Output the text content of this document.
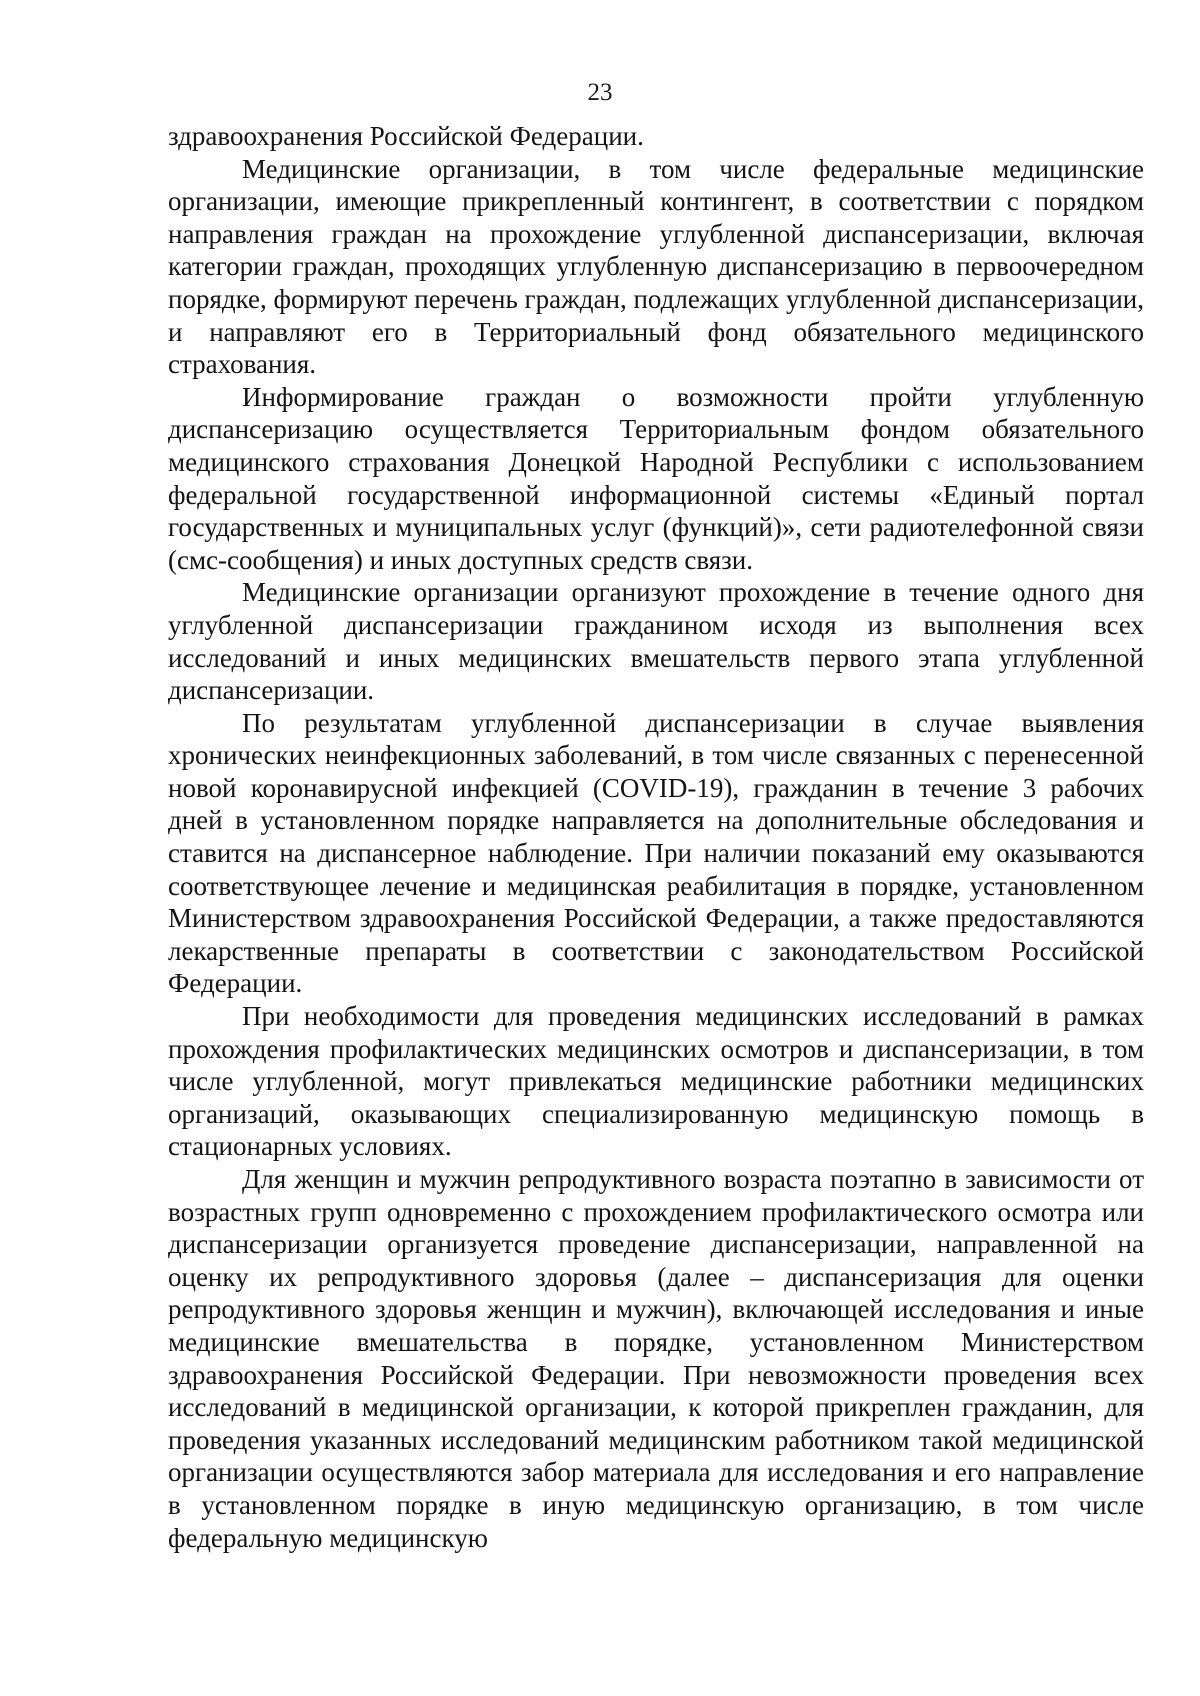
23

здравоохранения Российской Федерации.

Медицинские организации, в том числе федеральные медицинские организации, имеющие прикрепленный контингент, в соответствии с порядком направления граждан на прохождение углубленной диспансеризации, включая категории граждан, проходящих углубленную диспансеризацию в первоочередном порядке, формируют перечень граждан, подлежащих углубленной диспансеризации, и направляют его в Территориальный фонд обязательного медицинского страхования.

Информирование граждан о возможности пройти углубленную диспансеризацию осуществляется Территориальным фондом обязательного медицинского страхования Донецкой Народной Республики с использованием федеральной государственной информационной системы «Единый портал государственных и муниципальных услуг (функций)», сети радиотелефонной связи (смс-сообщения) и иных доступных средств связи.

Медицинские организации организуют прохождение в течение одного дня углубленной диспансеризации гражданином исходя из выполнения всех исследований и иных медицинских вмешательств первого этапа углубленной диспансеризации.

По результатам углубленной диспансеризации в случае выявления хронических неинфекционных заболеваний, в том числе связанных с перенесенной новой коронавирусной инфекцией (COVID-19), гражданин в течение 3 рабочих дней в установленном порядке направляется на дополнительные обследования и ставится на диспансерное наблюдение. При наличии показаний ему оказываются соответствующее лечение и медицинская реабилитация в порядке, установленном Министерством здравоохранения Российской Федерации, а также предоставляются лекарственные препараты в соответствии с законодательством Российской Федерации.

При необходимости для проведения медицинских исследований в рамках прохождения профилактических медицинских осмотров и диспансеризации, в том числе углубленной, могут привлекаться медицинские работники медицинских организаций, оказывающих специализированную медицинскую помощь в стационарных условиях.

Для женщин и мужчин репродуктивного возраста поэтапно в зависимости от возрастных групп одновременно с прохождением профилактического осмотра или диспансеризации организуется проведение диспансеризации, направленной на оценку их репродуктивного здоровья (далее – диспансеризация для оценки репродуктивного здоровья женщин и мужчин), включающей исследования и иные медицинские вмешательства в порядке, установленном Министерством здравоохранения Российской Федерации. При невозможности проведения всех исследований в медицинской организации, к которой прикреплен гражданин, для проведения указанных исследований медицинским работником такой медицинской организации осуществляются забор материала для исследования и его направление в установленном порядке в иную медицинскую организацию, в том числе федеральную медицинскую
